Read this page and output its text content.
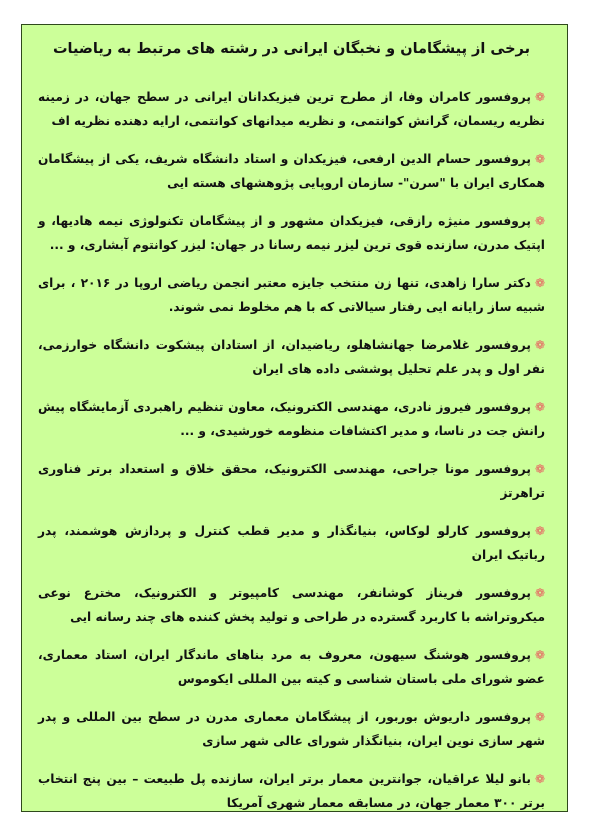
برخی از پیشگامان و نخبگان ایرانی در رشته های مرتبط به ریاضیات
❁پروفسور کامران وفا، از مطرح ترین فیزیکدانان ایرانی در سطح جهان، در زمینه نظریه ریسمان، گرانش کوانتمی، و نظریه میدانهای کوانتمی، ارایه دهنده نظریه اف
❁پروفسور حسام الدین ارفعی، فیزیکدان و استاد دانشگاه شریف، یکی از پیشگامان همکاری ایران با "سرن"- سازمان اروپایی پژوهشهای هسته ایی
❁پروفسور منیژه رازقی، فیزیکدان مشهور و از پیشگامان تکنولوژی نیمه هادیها، و اپتیک مدرن، سازنده قوی ترین لیزر نیمه رسانا در جهان: لیزر کوانتوم آبشاری، و ...
❁دکتر سارا زاهدی، تنها زن منتخب جایزه معتبر انجمن ریاضی اروپا در ۲۰۱۶ ، برای شبیه ساز رایانه ایی رفتار سیالاتی که با هم مخلوط نمی شوند.
❁پروفسور غلامرضا جهانشاهلو، ریاضیدان، از استادان پیشکوت دانشگاه خوارزمی، نفر اول و پدر علم تحلیل پوششی داده های ایران
❁پروفسور فیروز نادری، مهندسی الکترونیک، معاون تنظیم راهبردی آزمایشگاه پیش رانش جت در ناسا، و مدیر اکتشافات منظومه خورشیدی، و ...
❁پروفسور مونا جراحی، مهندسی الکترونیک، محقق خلاق و استعداد برتر فناوری تراهرتز
❁پروفسور کارلو لوکاس، بنیانگذار و مدیر قطب کنترل و پردازش هوشمند، پدر رباتیک ایران
❁پروفسور فریناز کوشانفر، مهندسی کامپیوتر و الکترونیک، مخترع نوعی میکروتراشه با کاربرد گسترده در طراحی و تولید پخش کننده های چند رسانه ایی
❁پروفسور هوشنگ سیهون، معروف به مرد بناهای ماندگار ایران، استاد معماری، عضو شورای ملی باستان شناسی و کیته بین المللی ایکوموس
❁پروفسور داریوش بوربور، از پیشگامان معماری مدرن در سطح بین المللی و پدر شهر سازی نوین ایران، بنیانگذار شورای عالی شهر سازی
❁بانو لیلا عراقیان، جوانترین معمار برتر ایران، سازنده پل طبیعت – بین پنج انتخاب برتر ۳۰۰ معمار جهان، در مسابقه معمار شهری آمریکا
